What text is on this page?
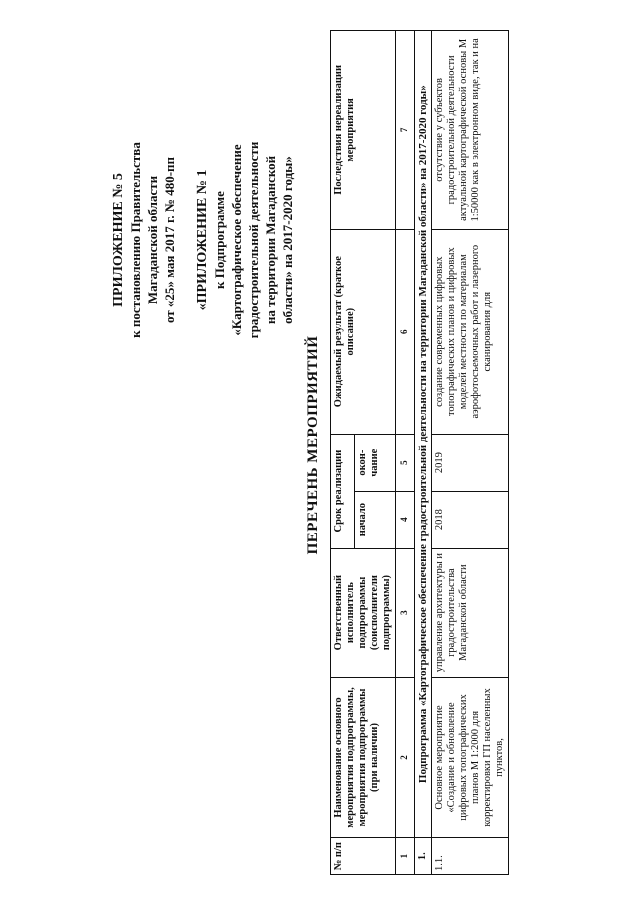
ПРИЛОЖЕНИЕ № 5 к постановлению Правительства Магаданской области от «25» мая 2017 г. № 480-пп «ПРИЛОЖЕНИЕ № 1 к Подпрограмме «Картографическое обеспечение градостроительной деятельности на территории Магаданской области» на 2017-2020 годы»
ПЕРЕЧЕНЬ МЕРОПРИЯТИЙ
№ п/п	Наименование основного мероприятия подпрограммы, мероприятия подпрограммы (при наличии)	Ответственный исполнитель подпрограммы (соисполнители подпрограммы)	Срок реализации		Ожидаемый результат (краткое описание)	Последствия нереализации мероприятия
			начало	окон-чание		
1	2	3	4	5	6	7
1.	Подпрограмма «Картографическое обеспечение градостроительной деятельности на территории Магаданской области» на 2017-2020 годы»					
1.1.	Основное мероприятие «Создание и обновление цифровых топографических планов М 1:2000 для корректировки ГП населенных пунктов,	управление архитектуры и градостроительства Магаданской области	2018	2019	создание современных цифровых топографических планов и цифровых моделей местности по материалам аэрофотосъемочных работ и лазерного сканирования для	отсутствие у субъектов градостроительной деятельности актуальной картографической основы М 1:50000 как в электронном виде, так и на
